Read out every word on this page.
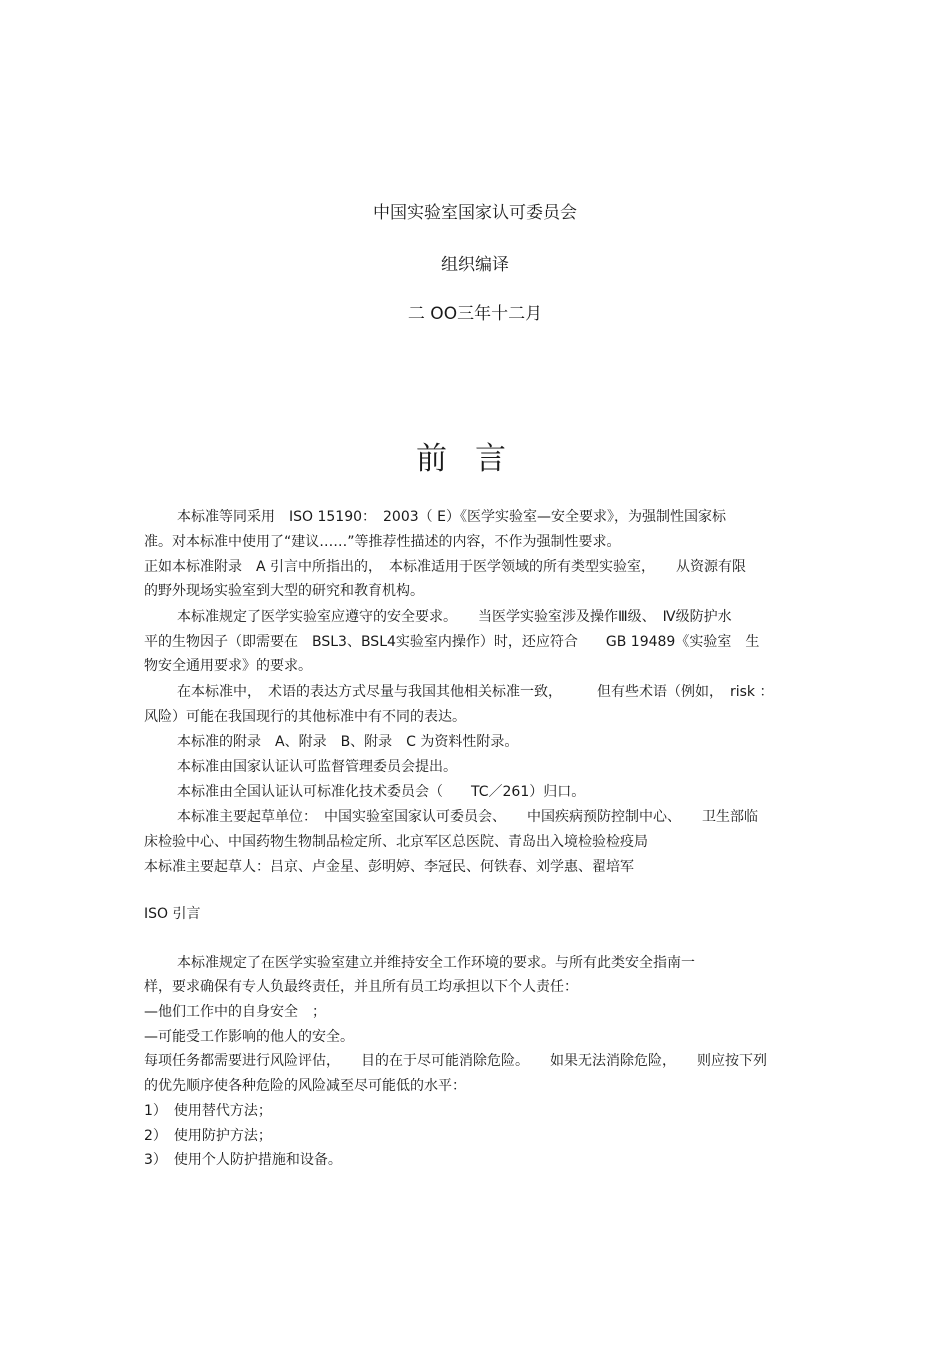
中国实验室国家认可委员会
组织编译
二 OO三年十二月
前言
本标准等同采用　ISO 15190：　2003（ E）《医学实验室—安全要求》，为强制性国家标
准。对本标准中使用了“建议……”等推荐性描述的内容，不作为强制性要求。
正如本标准附录　A 引言中所指出的，　本标准适用于医学领域的所有类型实验室，　　从资源有限
的野外现场实验室到大型的研究和教育机构。
本标准规定了医学实验室应遵守的安全要求。　　当医学实验室涉及操作Ⅲ级、　Ⅳ级防护水
平的生物因子（即需要在　BSL3、BSL4实验室内操作）时，还应符合　　GB 19489《实验室　生
物安全通用要求》的要求。
在本标准中，　术语的表达方式尽量与我国其他相关标准一致，　　　但有些术语（例如，　risk ：
风险）可能在我国现行的其他标准中有不同的表达。
本标准的附录　A、附录　B、附录　C 为资料性附录。
本标准由国家认证认可监督管理委员会提出。
本标准由全国认证认可标准化技术委员会（　　TC／261）归口。
本标准主要起草单位：　中国实验室国家认可委员会、　　中国疾病预防控制中心、　　卫生部临
床检验中心、中国药物生物制品检定所、北京军区总医院、青岛出入境检验检疫局
本标准主要起草人：吕京、卢金星、彭明婷、李冠民、何铁春、刘学惠、翟培军
ISO 引言
本标准规定了在医学实验室建立并维持安全工作环境的要求。与所有此类安全指南一
样，要求确保有专人负最终责任，并且所有员工均承担以下个人责任：
—他们工作中的自身安全　；
—可能受工作影响的他人的安全。
每项任务都需要进行风险评估，　　目的在于尽可能消除危险。　　如果无法消除危险，　　则应按下列
的优先顺序使各种危险的风险减至尽可能低的水平：
1）　使用替代方法；
2）　使用防护方法；
3）　使用个人防护措施和设备。
